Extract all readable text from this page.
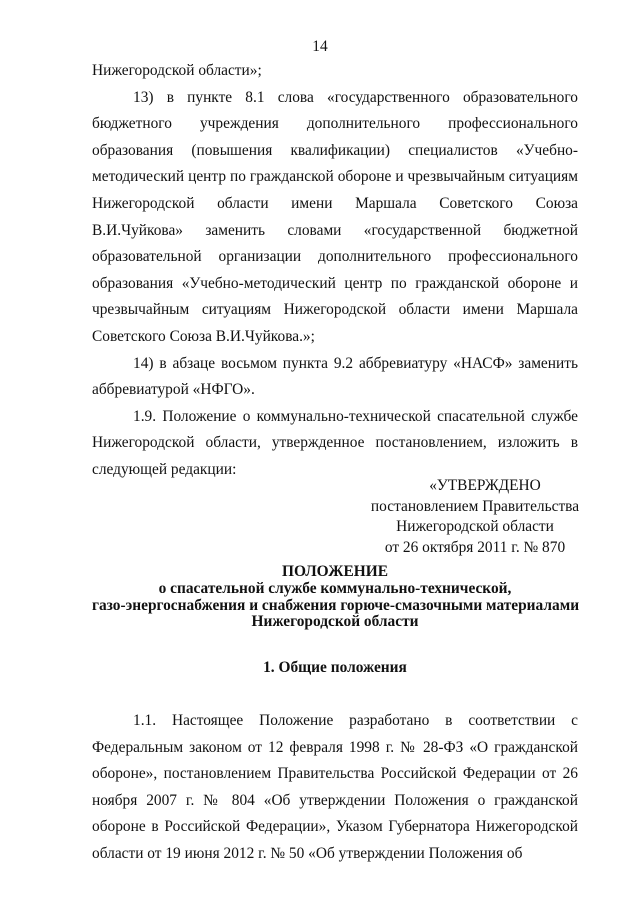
14

Нижегородской области»;

13) в пункте 8.1 слова «государственного образовательного бюджетного учреждения дополнительного профессионального образования (повышения квалификации) специалистов «Учебно-методический центр по гражданской обороне и чрезвычайным ситуациям Нижегородской области имени Маршала Советского Союза В.И.Чуйкова» заменить словами «государственной бюджетной образовательной организации дополнительного профессионального образования «Учебно-методический центр по гражданской обороне и чрезвычайным ситуациям Нижегородской области имени Маршала Советского Союза В.И.Чуйкова.»;

14) в абзаце восьмом пункта 9.2 аббревиатуру «НАСФ» заменить аббревиатурой «НФГО».

1.9. Положение о коммунально-технической спасательной службе Нижегородской области, утвержденное постановлением, изложить в следующей редакции:

«УТВЕРЖДЕНО
постановлением Правительства
Нижегородской области
от 26 октября 2011 г. № 870
ПОЛОЖЕНИЕ
о спасательной службе коммунально-технической,
газо-энергоснабжения и снабжения горюче-смазочными материалами
Нижегородской области
1. Общие положения

1.1. Настоящее Положение разработано в соответствии с Федеральным законом от 12 февраля 1998 г. № 28-ФЗ «О гражданской обороне», постановлением Правительства Российской Федерации от 26 ноября 2007 г. № 804 «Об утверждении Положения о гражданской обороне в Российской Федерации», Указом Губернатора Нижегородской области от 19 июня 2012 г. № 50 «Об утверждении Положения об
